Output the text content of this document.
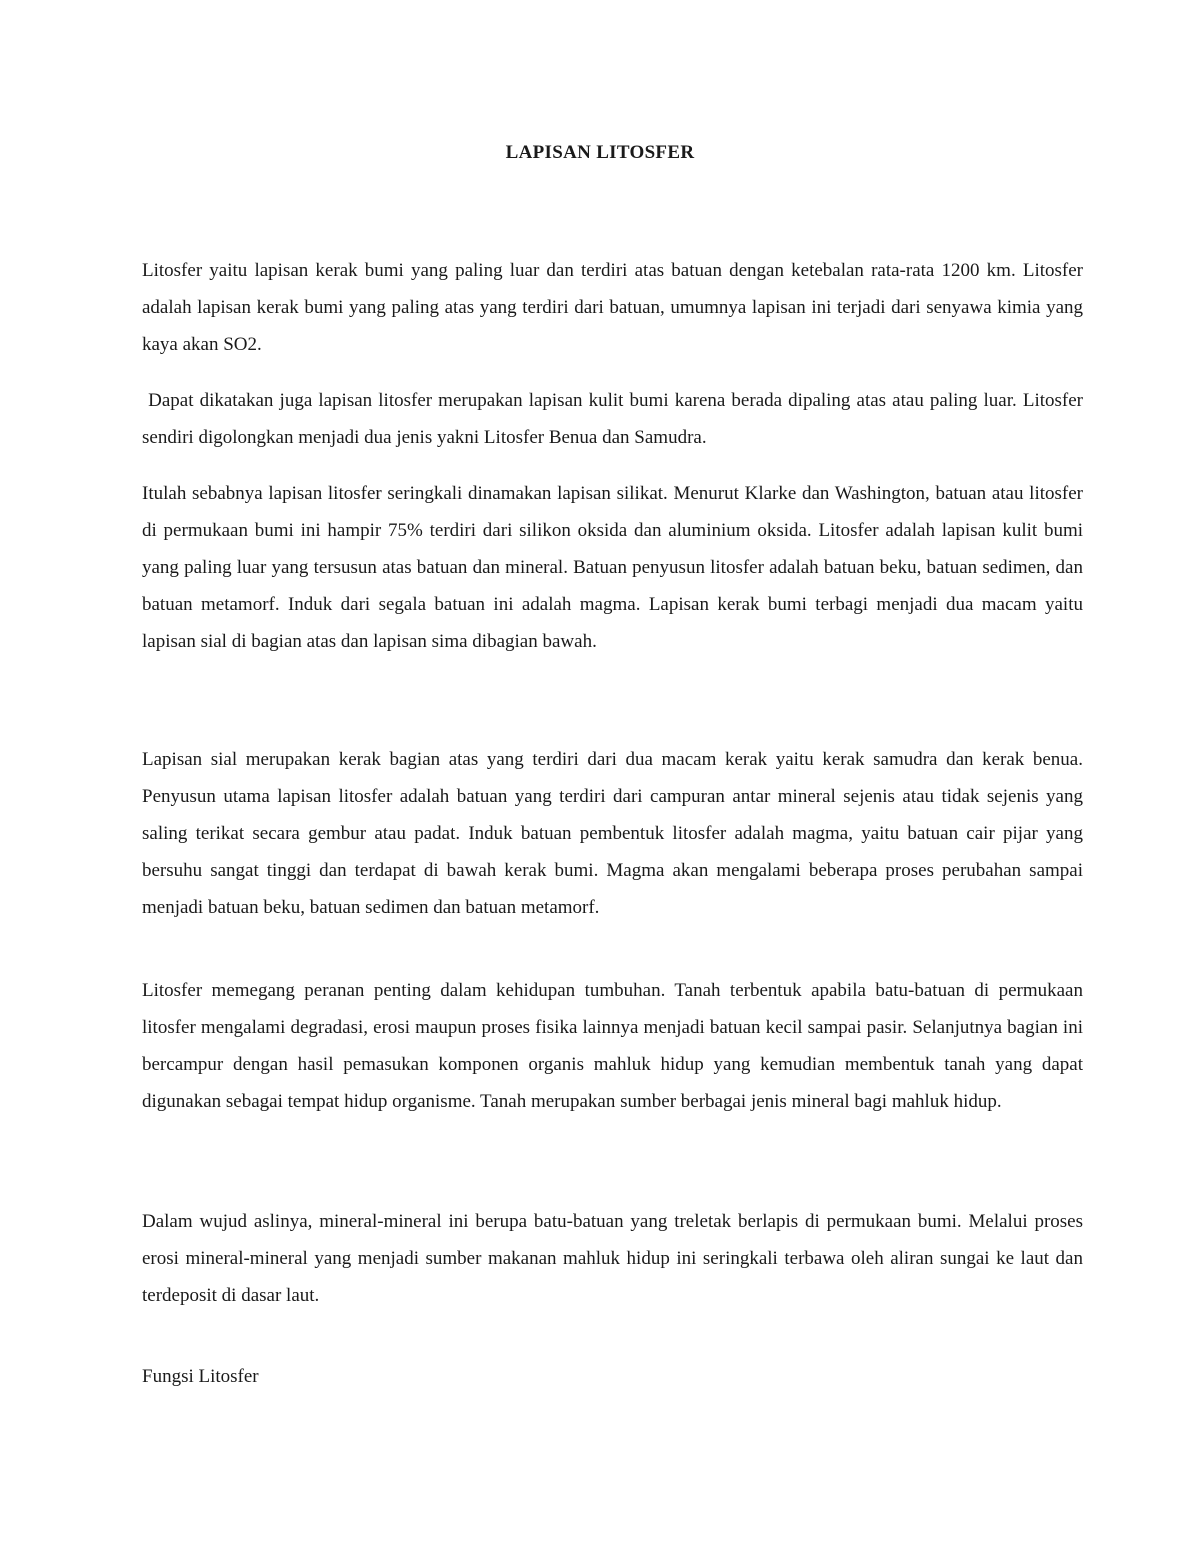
LAPISAN LITOSFER

Litosfer yaitu lapisan kerak bumi yang paling luar dan terdiri atas batuan dengan ketebalan rata-rata 1200 km. Litosfer adalah lapisan kerak bumi yang paling atas yang terdiri dari batuan, umumnya lapisan ini terjadi dari senyawa kimia yang kaya akan SO2.

Dapat dikatakan juga lapisan litosfer merupakan lapisan kulit bumi karena berada dipaling atas atau paling luar. Litosfer sendiri digolongkan menjadi dua jenis yakni Litosfer Benua dan Samudra.

Itulah sebabnya lapisan litosfer seringkali dinamakan lapisan silikat. Menurut Klarke dan Washington, batuan atau litosfer di permukaan bumi ini hampir 75% terdiri dari silikon oksida dan aluminium oksida. Litosfer adalah lapisan kulit bumi yang paling luar yang tersusun atas batuan dan mineral. Batuan penyusun litosfer adalah batuan beku, batuan sedimen, dan batuan metamorf. Induk dari segala batuan ini adalah magma. Lapisan kerak bumi terbagi menjadi dua macam yaitu lapisan sial di bagian atas dan lapisan sima dibagian bawah.

Lapisan sial merupakan kerak bagian atas yang terdiri dari dua macam kerak yaitu kerak samudra dan kerak benua. Penyusun utama lapisan litosfer adalah batuan yang terdiri dari campuran antar mineral sejenis atau tidak sejenis yang saling terikat secara gembur atau padat. Induk batuan pembentuk litosfer adalah magma, yaitu batuan cair pijar yang bersuhu sangat tinggi dan terdapat di bawah kerak bumi. Magma akan mengalami beberapa proses perubahan sampai menjadi batuan beku, batuan sedimen dan batuan metamorf.

Litosfer memegang peranan penting dalam kehidupan tumbuhan. Tanah terbentuk apabila batu-batuan di permukaan litosfer mengalami degradasi, erosi maupun proses fisika lainnya menjadi batuan kecil sampai pasir. Selanjutnya bagian ini bercampur dengan hasil pemasukan komponen organis mahluk hidup yang kemudian membentuk tanah yang dapat digunakan sebagai tempat hidup organisme. Tanah merupakan sumber berbagai jenis mineral bagi mahluk hidup.

Dalam wujud aslinya, mineral-mineral ini berupa batu-batuan yang treletak berlapis di permukaan bumi. Melalui proses erosi mineral-mineral yang menjadi sumber makanan mahluk hidup ini seringkali terbawa oleh aliran sungai ke laut dan terdeposit di dasar laut.

Fungsi Litosfer
